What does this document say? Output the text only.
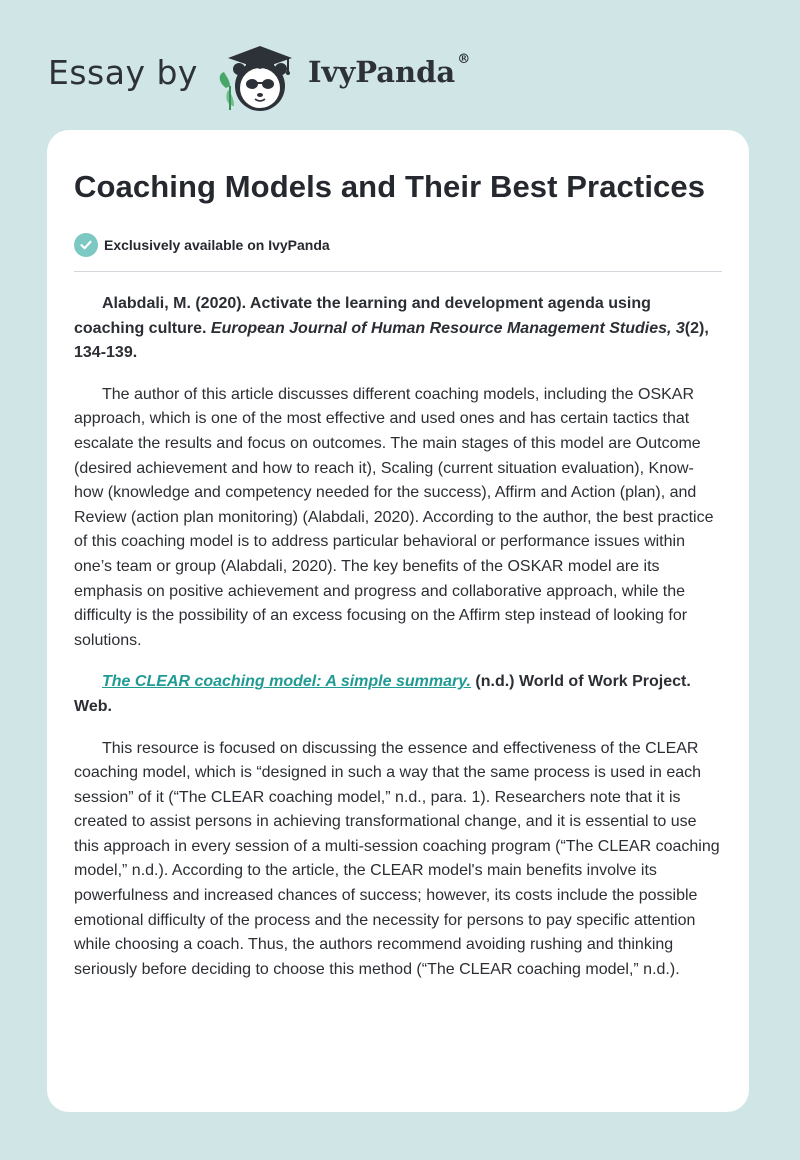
Essay by	IvyPanda ®
Coaching Models and Their Best Practices
Exclusively available on IvyPanda

Alabdali, M. (2020). Activate the learning and development agenda using coaching culture. European Journal of Human Resource Management Studies, 3(2), 134-139.

The author of this article discusses different coaching models, including the OSKAR approach, which is one of the most effective and used ones and has certain tactics that escalate the results and focus on outcomes. The main stages of this model are Outcome (desired achievement and how to reach it), Scaling (current situation evaluation), Know-how (knowledge and competency needed for the success), Affirm and Action (plan), and Review (action plan monitoring) (Alabdali, 2020). According to the author, the best practice of this coaching model is to address particular behavioral or performance issues within one’s team or group (Alabdali, 2020). The key benefits of the OSKAR model are its emphasis on positive achievement and progress and collaborative approach, while the difficulty is the possibility of an excess focusing on the Affirm step instead of looking for solutions.

The CLEAR coaching model: A simple summary. (n.d.) World of Work Project. Web.

This resource is focused on discussing the essence and effectiveness of the CLEAR coaching model, which is “designed in such a way that the same process is used in each session” of it (“The CLEAR coaching model,” n.d., para. 1). Researchers note that it is created to assist persons in achieving transformational change, and it is essential to use this approach in every session of a multi-session coaching program (“The CLEAR coaching model,” n.d.). According to the article, the CLEAR model's main benefits involve its powerfulness and increased chances of success; however, its costs include the possible emotional difficulty of the process and the necessity for persons to pay specific attention while choosing a coach. Thus, the authors recommend avoiding rushing and thinking seriously before deciding to choose this method (“The CLEAR coaching model,” n.d.).
